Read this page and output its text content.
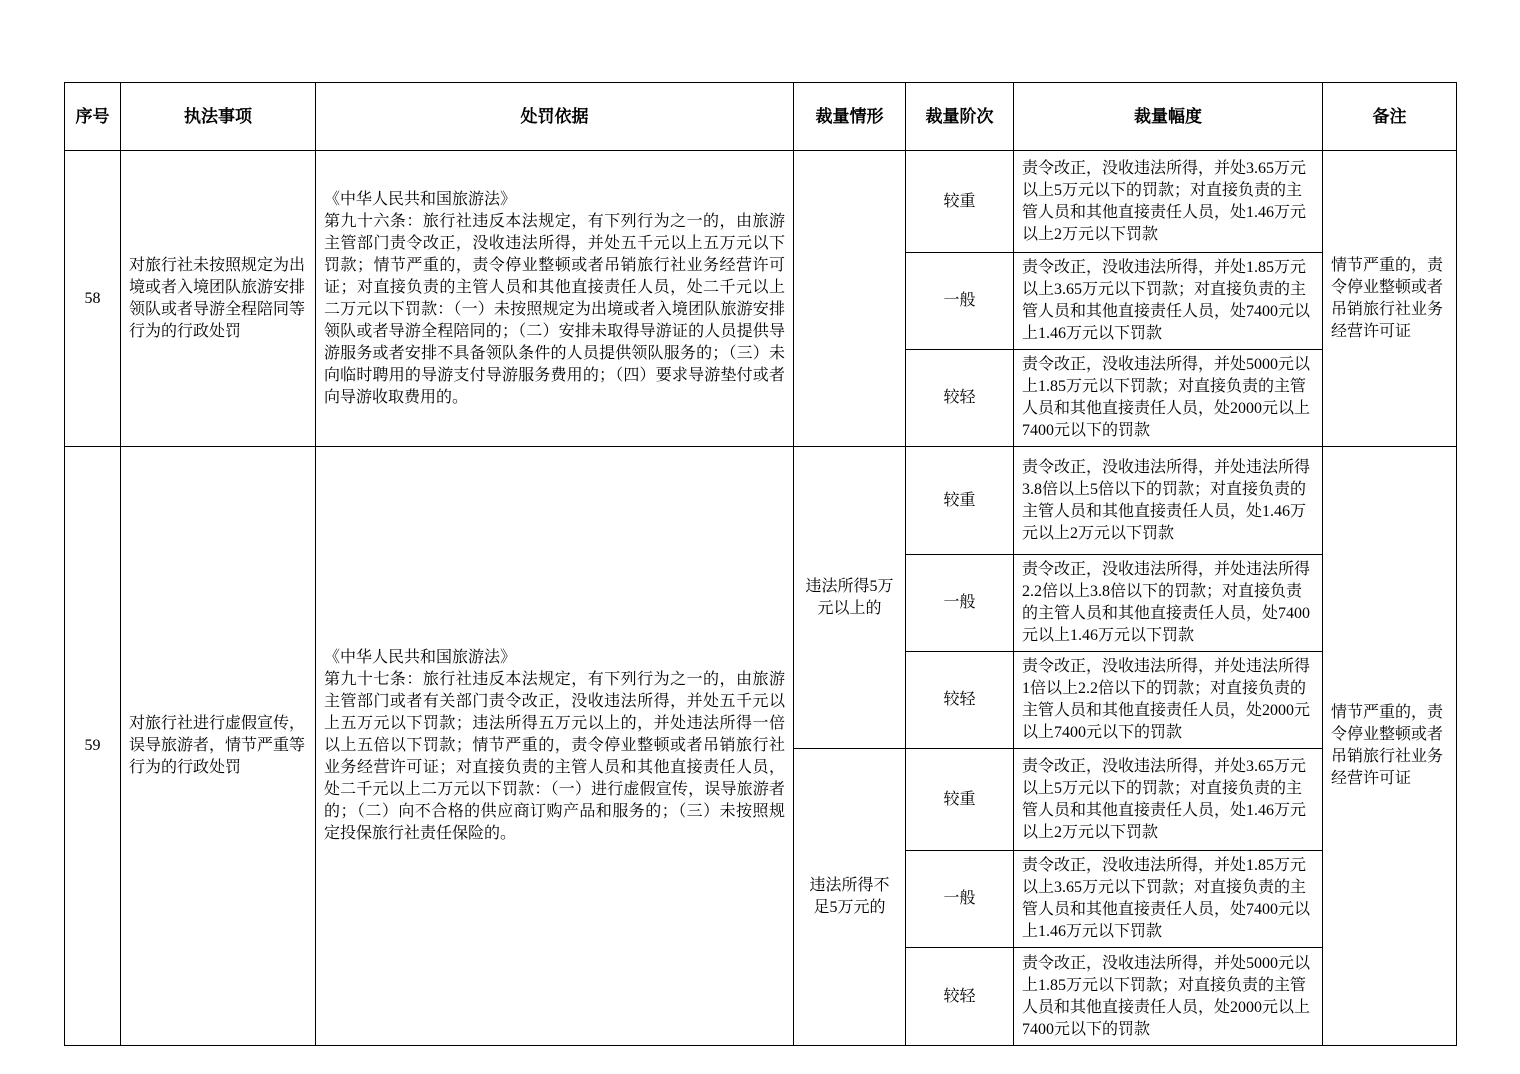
序号	执法事项	处罚依据	裁量情形	裁量阶次	裁量幅度	备注
58	对旅行社未按照规定为出境或者入境团队旅游安排领队或者导游全程陪同等行为的行政处罚	《中华人民共和国旅游法》
第九十六条：旅行社违反本法规定，有下列行为之一的，由旅游主管部门责令改正，没收违法所得，并处五千元以上五万元以下罚款；情节严重的，责令停业整顿或者吊销旅行社业务经营许可证；对直接负责的主管人员和其他直接责任人员，处二千元以上二万元以下罚款：（一）未按照规定为出境或者入境团队旅游安排领队或者导游全程陪同的；（二）安排未取得导游证的人员提供导游服务或者安排不具备领队条件的人员提供领队服务的；（三）未向临时聘用的导游支付导游服务费用的；（四）要求导游垫付或者向导游收取费用的。		较重	责令改正，没收违法所得，并处3.65万元以上5万元以下的罚款；对直接负责的主管人员和其他直接责任人员，处1.46万元以上2万元以下罚款	情节严重的，责令停业整顿或者吊销旅行社业务经营许可证
				一般	责令改正，没收违法所得，并处1.85万元以上3.65万元以下罚款；对直接负责的主管人员和其他直接责任人员，处7400元以上1.46万元以下罚款	
				较轻	责令改正，没收违法所得，并处5000元以上1.85万元以下罚款；对直接负责的主管人员和其他直接责任人员，处2000元以上7400元以下的罚款	
59	对旅行社进行虚假宣传，误导旅游者，情节严重等行为的行政处罚	《中华人民共和国旅游法》
第九十七条：旅行社违反本法规定，有下列行为之一的，由旅游主管部门或者有关部门责令改正，没收违法所得，并处五千元以上五万元以下罚款；违法所得五万元以上的，并处违法所得一倍以上五倍以下罚款；情节严重的，责令停业整顿或者吊销旅行社业务经营许可证；对直接负责的主管人员和其他直接责任人员，处二千元以上二万元以下罚款：（一）进行虚假宣传，误导旅游者的；（二）向不合格的供应商订购产品和服务的；（三）未按照规定投保旅行社责任保险的。	违法所得5万元以上的	较重	责令改正，没收违法所得，并处违法所得3.8倍以上5倍以下的罚款；对直接负责的主管人员和其他直接责任人员，处1.46万元以上2万元以下罚款	情节严重的，责令停业整顿或者吊销旅行社业务经营许可证
				一般	责令改正，没收违法所得，并处违法所得2.2倍以上3.8倍以下的罚款；对直接负责的主管人员和其他直接责任人员，处7400元以上1.46万元以下罚款	
				较轻	责令改正，没收违法所得，并处违法所得1倍以上2.2倍以下的罚款；对直接负责的主管人员和其他直接责任人员，处2000元以上7400元以下的罚款	
			违法所得不足5万元的	较重	责令改正，没收违法所得，并处3.65万元以上5万元以下的罚款；对直接负责的主管人员和其他直接责任人员，处1.46万元以上2万元以下罚款	
				一般	责令改正，没收违法所得，并处1.85万元以上3.65万元以下罚款；对直接负责的主管人员和其他直接责任人员，处7400元以上1.46万元以下罚款	
				较轻	责令改正，没收违法所得，并处5000元以上1.85万元以下罚款；对直接负责的主管人员和其他直接责任人员，处2000元以上7400元以下的罚款	
